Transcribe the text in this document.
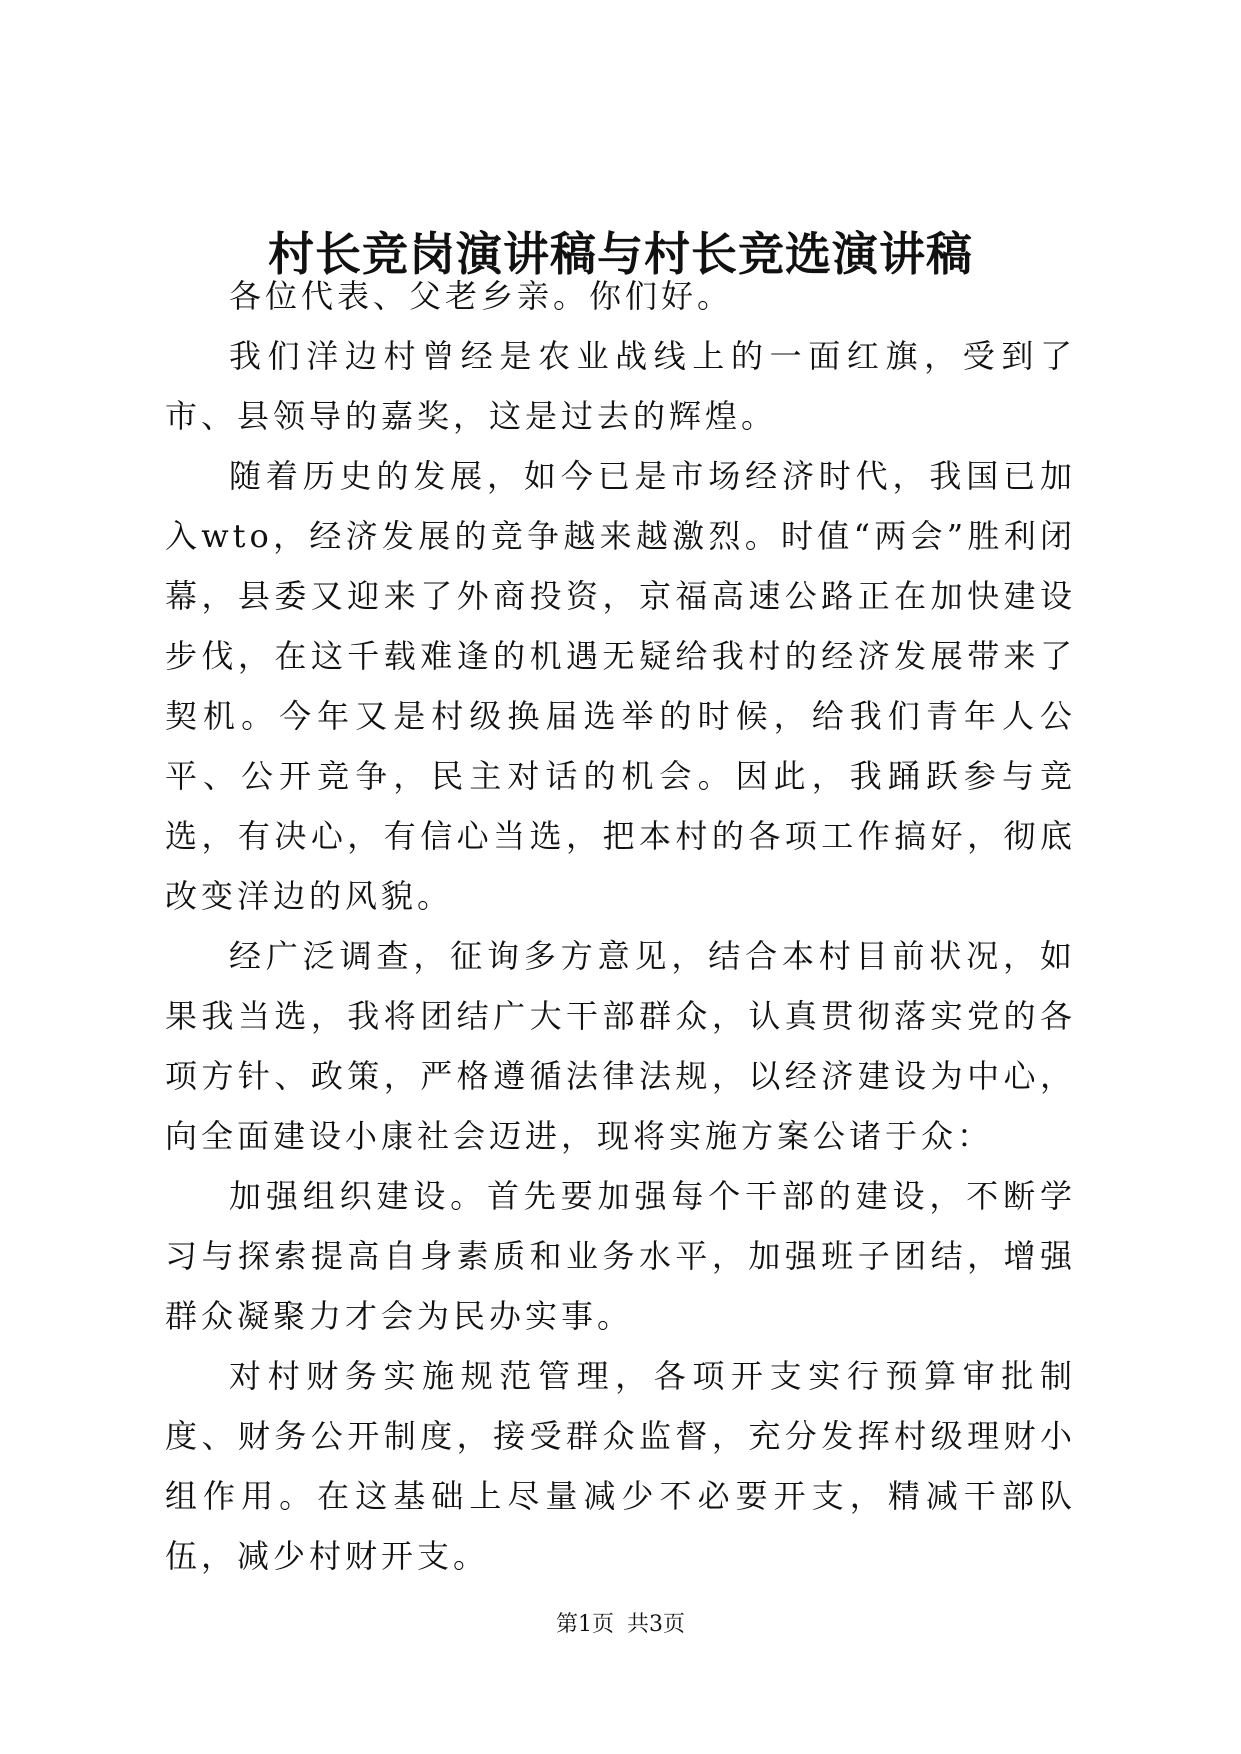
村长竞岗演讲稿与村长竞选演讲稿

各位代表、父老乡亲。你们好。

我们洋边村曾经是农业战线上的一面红旗，受到了市、县领导的嘉奖，这是过去的辉煌。

随着历史的发展，如今已是市场经济时代，我国已加入wto，经济发展的竞争越来越激烈。时值“两会”胜利闭幕，县委又迎来了外商投资，京福高速公路正在加快建设步伐，在这千载难逢的机遇无疑给我村的经济发展带来了契机。今年又是村级换届选举的时候，给我们青年人公平、公开竞争，民主对话的机会。因此，我踊跃参与竞选，有决心，有信心当选，把本村的各项工作搞好，彻底改变洋边的风貌。

经广泛调查，征询多方意见，结合本村目前状况，如果我当选，我将团结广大干部群众，认真贯彻落实党的各项方针、政策，严格遵循法律法规，以经济建设为中心，向全面建设小康社会迈进，现将实施方案公诸于众：

加强组织建设。首先要加强每个干部的建设，不断学习与探索提高自身素质和业务水平，加强班子团结，增强群众凝聚力才会为民办实事。

对村财务实施规范管理，各项开支实行预算审批制度、财务公开制度，接受群众监督，充分发挥村级理财小组作用。在这基础上尽量减少不必要开支，精减干部队伍，减少村财开支。

第1页 共3页
